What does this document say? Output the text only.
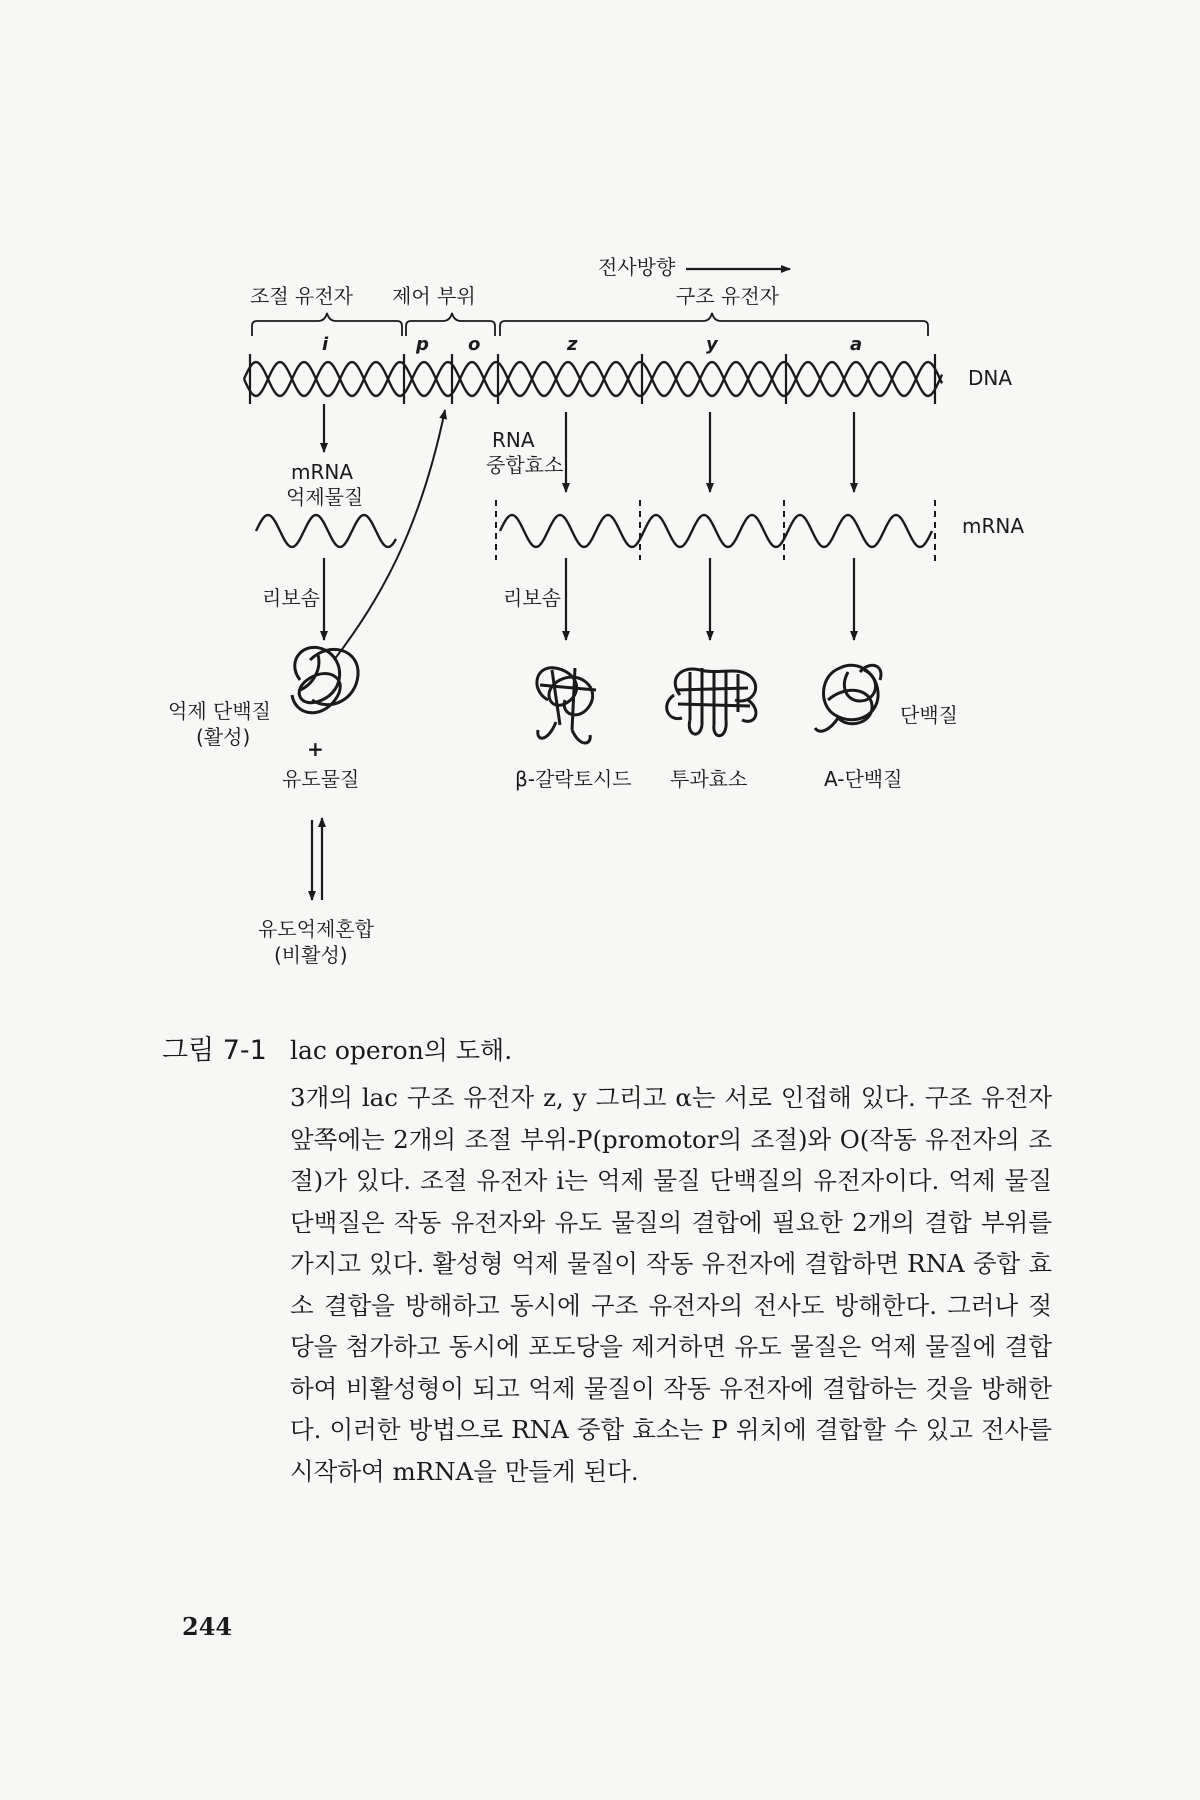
전사방향
조절 유전자 제어 부위	구조 유전자
i	p o	z	y	a
DNA
mRNA
억제물질
리보솜
억제 단백질
(활성)	+
유도물질
유도억제혼합
(비활성)
RNA
중합효소
mRNA
리보솜
단백질
β-갈락토시드 투과효소	A-단백질
그림 7-1 lac operon의 도해.
3개의 lac 구조 유전자 z, y 그리고 α는 서로 인접해 있다. 구조 유전자 앞쪽에는 2개의 조절 부위-P(promotor의 조절)와 O(작동 유전자의 조절)가 있다. 조절 유전자 i는 억제 물질 단백질의 유전자이다. 억제 물질 단백질은 작동 유전자와 유도 물질의 결합에 필요한 2개의 결합 부위를 가지고 있다. 활성형 억제 물질이 작동 유전자에 결합하면 RNA 중합 효소 결합을 방해하고 동시에 구조 유전자의 전사도 방해한다. 그러나 젖당을 첨가하고 동시에 포도당을 제거하면 유도 물질은 억제 물질에 결합하여 비활성형이 되고 억제 물질이 작동 유전자에 결합하는 것을 방해한다. 이러한 방법으로 RNA 중합 효소는 P 위치에 결합할 수 있고 전사를 시작하여 mRNA을 만들게 된다.
244
